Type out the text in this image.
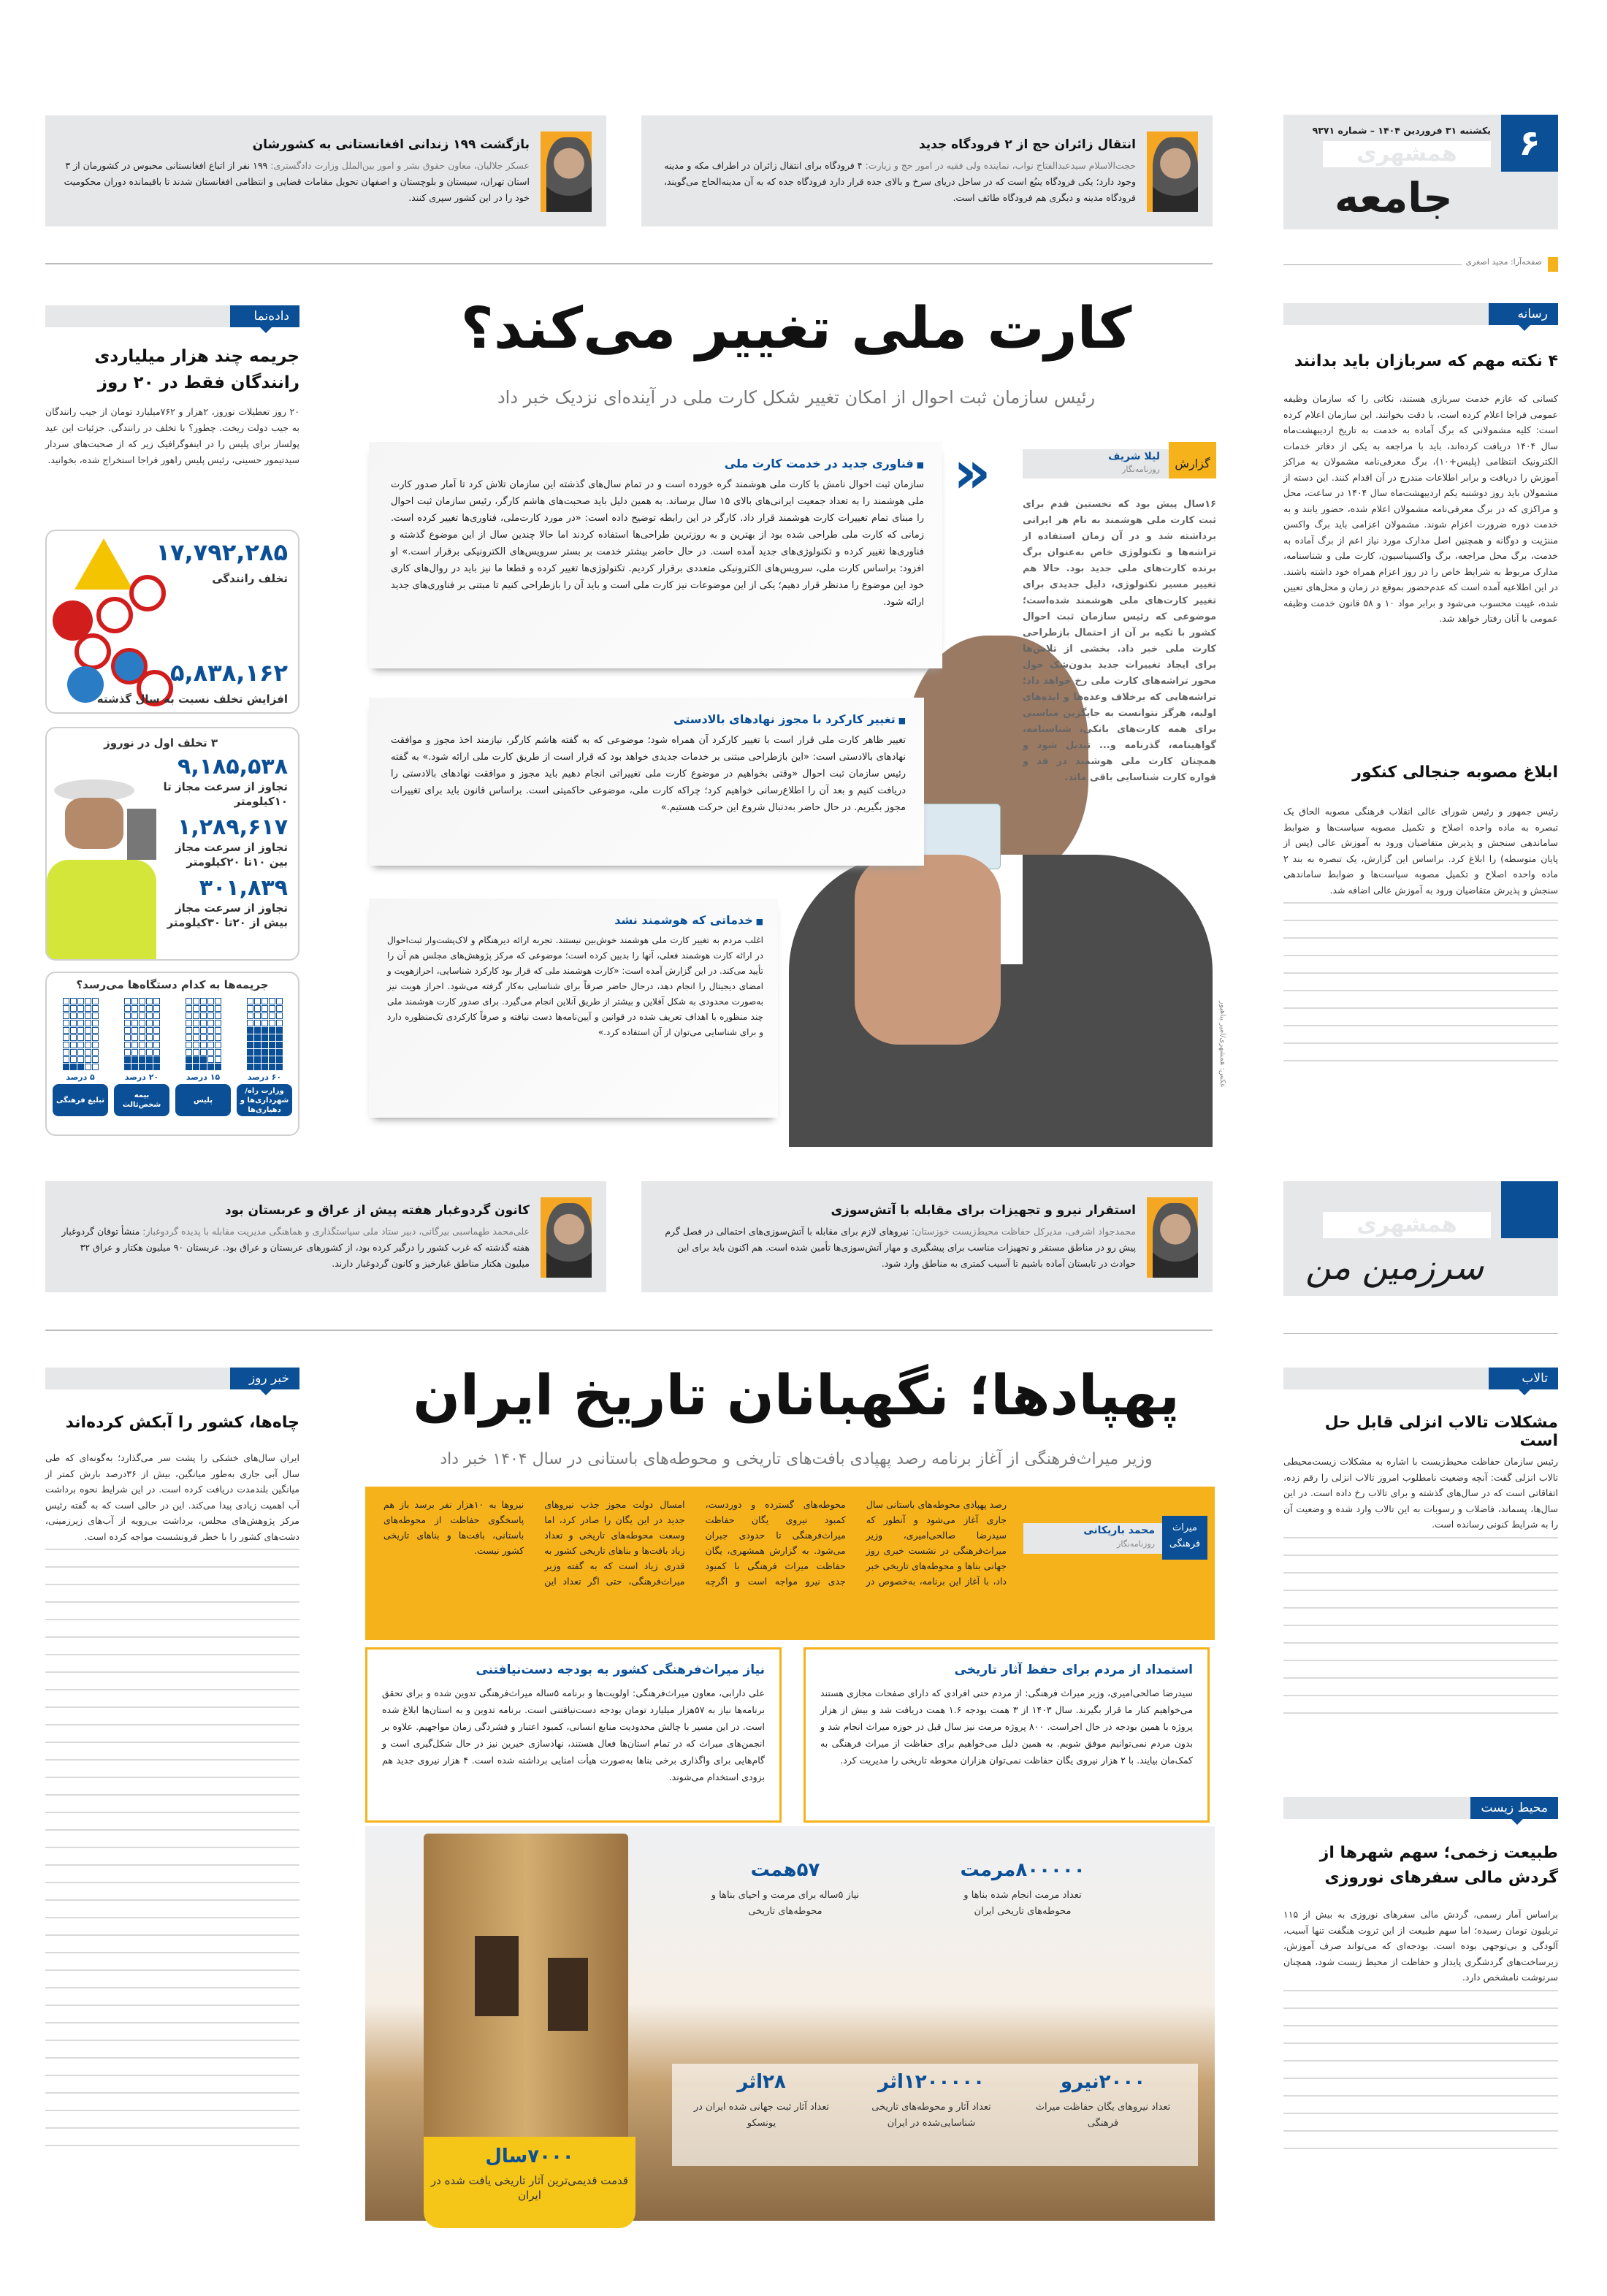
۶
یکشنبه ۳۱ فروردین ۱۴۰۴ – شماره ۹۳۷۱
همشهری
جامعه
صفحه‌آرا: مجید اصغری
انتقال زائران حج از ۲ فرودگاه جدید

حجت‌الاسلام سیدعبدالفتاح نواب، نماینده ولی فقیه در امور حج و زیارت: ۴ فرودگاه برای انتقال زائران در اطراف مکه و مدینه وجود دارد؛ یکی فرودگاه ینبُع است که در ساحل دریای سرخ و بالای جده قرار دارد فرودگاه جده که به آن مدینه‌الحاج می‌گویند، فرودگاه مدینه و دیگری هم فرودگاه طائف است.

بازگشت ۱۹۹ زندانی افغانستانی به کشورشان

عسکر جلالیان، معاون حقوق بشر و امور بین‌الملل وزارت دادگستری: ۱۹۹ نفر از اتباع افغانستانی محبوس در کشورمان از ۳ استان تهران، سیستان و بلوچستان و اصفهان تحویل مقامات قضایی و انتظامی افغانستان شدند تا باقیمانده دوران محکومیت خود را در این کشور سپری کنند.

رسانه
۴ نکته مهم که سربازان باید بدانند
کسانی که عازم خدمت سربازی هستند، نکاتی را که سازمان وظیفه عمومی فراجا اعلام کرده است، با دقت بخوانند. این سازمان اعلام کرده است: کلیه مشمولانی که برگ آماده به خدمت به تاریخ اردیبهشت‌ماه سال ۱۴۰۴ دریافت کرده‌اند، باید با مراجعه به یکی از دفاتر خدمات الکترونیک انتظامی (پلیس+۱۰)، برگ معرفی‌نامه مشمولان به مراکز آموزش را دریافت و برابر اطلاعات مندرج در آن اقدام کنند. این دسته از مشمولان باید روز دوشنبه یکم اردیبهشت‌ماه سال ۱۴۰۴ در ساعت، محل و مراکزی که در برگ معرفی‌نامه مشمولان اعلام شده، حضور یابند و به خدمت دوره ضرورت اعزام شوند. مشمولان اعزامی باید برگ واکسن مننژیت و دوگانه و همچنین اصل مدارک مورد نیاز اعم از برگ آماده به خدمت، برگ محل مراجعه، برگ واکسیناسیون، کارت ملی و شناسنامه، مدارک مربوط به شرایط خاص را در روز اعزام همراه خود داشته باشند. در این اطلاعیه آمده است که عدم‌حضور بموقع در زمان و محل‌های تعیین شده، غیبت محسوب می‌شود و برابر مواد ۱۰ و ۵۸ قانون خدمت وظیفه عمومی با آنان رفتار خواهد شد.
ابلاغ مصوبه جنجالی کنکور
رئیس جمهور و رئیس شورای عالی انقلاب فرهنگی مصوبه الحاق یک تبصره به ماده واحده اصلاح و تکمیل مصوبه سیاست‌ها و ضوابط ساماندهی سنجش و پذیرش متقاضیان ورود به آموزش عالی (پس از پایان متوسطه) را ابلاغ کرد. براساس این گزارش، یک تبصره به بند ۲ ماده واحده اصلاح و تکمیل مصوبه سیاست‌ها و ضوابط ساماندهی سنجش و پذیرش متقاضیان ورود به آموزش عالی اضافه شد.
دادەنما
جریمه چند هزار میلیاردی رانندگان فقط در ۲۰ روز
۲۰ روز تعطیلات نوروز، ۲هزار و ۷۶۲میلیارد تومان از جیب رانندگان به جیب دولت ریخت. چطور؟ با تخلف در رانندگی. جزئیات این عید پولساز برای پلیس را در اینفوگرافیک زیر که از صحبت‌های سردار سیدتیمور حسینی، رئیس پلیس راهور فراجا استخراج شده، بخوانید.
۱۷,۷۹۲,۲۸۵
تخلف رانندگی
۵,۸۳۸,۱۶۲
افزایش تخلف نسبت به سال گذشته
۳ تخلف اول در نوروز
۹,۱۸۵,۵۳۸
تجاوز از سرعت مجاز تا ۱۰کیلومتر
۱,۲۸۹,۶۱۷
تجاوز از سرعت مجاز بین ۱۰تا ۲۰کیلومتر
۳۰۱,۸۳۹
تجاوز از سرعت مجاز بیش از ۲۰تا ۳۰کیلومتر
جریمه‌ها به کدام دستگاه‌ها می‌رسد؟
۶۰ درصد
وزارت راه/ شهرداری‌ها و دهیاری‌ها
۱۵ درصد
پلیس
۲۰ درصد
بیمه شخص‌ثالث
۵ درصد
تبلیغ فرهنگی
کارت ملی تغییر می‌کند؟
رئیس سازمان ثبت احوال از امکان تغییر شکل کارت ملی در آینده‌ای نزدیک خبر داد
«
■ فناوری جدید در خدمت کارت ملی

سازمان ثبت احوال نامش با کارت ملی هوشمند گره خورده است و در تمام سال‌های گذشته این سازمان تلاش کرد تا آمار صدور کارت ملی هوشمند را به تعداد جمعیت ایرانی‌های بالای ۱۵ سال برساند. به همین دلیل باید صحبت‌های هاشم کارگر، رئیس سازمان ثبت احوال را مبنای تمام تغییرات کارت هوشمند قرار داد. کارگر در این رابطه توضیح داده است: «در مورد کارت‌ملی، فناوری‌ها تغییر کرده است. زمانی که کارت ملی طراحی شده بود از بهترین و به روزترین طراحی‌ها استفاده کردند اما حالا چندین سال از این موضوع گذشته و فناوری‌ها تغییر کرده و تکنولوژی‌های جدید آمده است. در حال حاضر بیشتر خدمت بر بستر سرویس‌های الکترونیکی برقرار است.» او افزود: براساس کارت ملی، سرویس‌های الکترونیکی متعددی برقرار کردیم. تکنولوژی‌ها تغییر کرده و قطعا ما نیز باید در روال‌های کاری خود این موضوع را مدنظر قرار دهیم؛ یکی از این موضوعات نیز کارت ملی است و باید آن را بازطراحی کنیم تا مبتنی بر فناوری‌های جدید ارائه شود.

■ تغییر کارکرد با مجوز نهادهای بالادستی

تغییر ظاهر کارت ملی قرار است با تغییر کارکرد آن همراه شود؛ موضوعی که به گفته هاشم کارگر، نیازمند اخذ مجوز و موافقت نهادهای بالادستی است: «این بازطراحی مبتنی بر خدمات جدیدی خواهد بود که قرار است از طریق کارت ملی ارائه شود.» به گفته رئیس سازمان ثبت احوال «وقتی بخواهیم در موضوع کارت ملی تغییراتی انجام دهیم باید مجوز و موافقت نهادهای بالادستی را دریافت کنیم و بعد آن را اطلاع‌رسانی خواهیم کرد؛ چراکه کارت ملی، موضوعی حاکمیتی است. براساس قانون باید برای تغییرات مجوز بگیریم. در حال حاضر به‌دنبال شروع این حرکت هستیم.»

■ خدماتی که هوشمند نشد

اغلب مردم به تغییر کارت ملی هوشمند خوش‌بین نیستند. تجربه ارائه دیرهنگام و لاک‌پشت‌وار ثبت‌احوال در ارائه کارت هوشمند فعلی، آنها را بدبین کرده است؛ موضوعی که مرکز پژوهش‌های مجلس هم آن را تأیید می‌کند. در این گزارش آمده است: «کارت هوشمند ملی که قرار بود کارکرد شناسایی، احرازهویت و امضای دیجیتال را انجام دهد، درحال حاضر صرفاً برای شناسایی به‌کار گرفته می‌شود. احراز هویت نیز به‌صورت محدودی به شکل آفلاین و بیشتر از طریق آنلاین انجام می‌گیرد. برای صدور کارت هوشمند ملی چند منظوره با اهداف تعریف شده در قوانین و آیین‌نامه‌ها دست نیافته و صرفاً کارکردی تک‌منظوره دارد و برای شناسایی می‌توان از آن استفاده کرد.»

گزارش
لیلا شریف
روزنامه‌نگار
۱۶سال پیش بود که نخستین قدم برای ثبت کارت ملی هوشمند به نام هر ایرانی برداشته شد و در آن زمان استفاده از تراشه‌ها و تکنولوژی خاص به‌عنوان برگ برنده کارت‌های ملی جدید بود. حالا هم تغییر مسیر تکنولوژی، دلیل جدیدی برای تغییر کارت‌های ملی هوشمند شده‌است؛ موضوعی که رئیس سازمان ثبت احوال کشور با تکیه بر آن از احتمال بازطراحی کارت ملی خبر داد. بخشی از تلاش‌ها برای ایجاد تغییرات جدید بدون‌شک حول محور تراشه‌های کارت ملی رخ خواهد داد؛ تراشه‌هایی که برخلاف وعده‌ها و ایده‌های اولیه، هرگز نتوانست به جایگزین مناسبی برای همه کارت‌های بانکی، شناسنامه، گواهینامه، گذرنامه و... تبدیل شود و همچنان کارت ملی هوشمند در قد و قواره کارت شناسایی باقی ماند.
عکس: همشهری/امیر پناهپور
استقرار نیرو و تجهیزات برای مقابله با آتش‌سوزی

محمدجواد اشرفی، مدیرکل حفاظت محیط‌زیست خوزستان: نیروهای لازم برای مقابله با آتش‌سوزی‌های احتمالی در فصل گرم پیش رو در مناطق مستقر و تجهیزات مناسب برای پیشگیری و مهار آتش‌سوزی‌ها تأمین شده است. هم اکنون باید برای این حوادث در تابستان آماده باشیم تا آسیب کمتری به مناطق وارد شود.

کانون گردوغبار هفته پیش از عراق و عربستان بود

علی‌محمد طهماسبی بیرگانی، دبیر ستاد ملی سیاستگذاری و هماهنگی مدیریت مقابله با پدیده گردوغبار: منشأ توفان گردوغبار هفته گذشته که غرب کشور را درگیر کرده بود، از کشورهای عربستان و عراق بود. عربستان ۹۰ میلیون هکتار و عراق ۳۲ میلیون هکتار مناطق غبارخیز و کانون گردوغبار دارند.

همشهری
سرزمین من
تالاب
مشکلات تالاب انزلی قابل حل است
رئیس سازمان حفاظت محیط‌زیست با اشاره به مشکلات زیست‌محیطی تالاب انزلی گفت: آنچه وضعیت نامطلوب امروز تالاب انزلی را رقم زده، اتفاقاتی است که در سال‌های گذشته و برای تالاب رخ داده است. در این سال‌ها، پسماند، فاضلاب و رسوبات به این تالاب وارد شده و وضعیت آن را به شرایط کنونی رسانده است.
محیط زیست
طبیعت زخمی؛ سهم شهرها از گردش مالی سفرهای نوروزی
براساس آمار رسمی، گردش مالی سفرهای نوروزی به بیش از ۱۱۵ تریلیون تومان رسیده؛ اما سهم طبیعت از این ثروت هنگفت تنها آسیب، آلودگی و بی‌توجهی بوده است. بودجه‌ای که می‌تواند صرف آموزش، زیرساخت‌های گردشگری پایدار و حفاظت از محیط زیست شود، همچنان سرنوشت نامشخص دارد.
خبر روز
چاه‌ها، کشور را آبکش کرده‌اند
ایران سال‌های خشکی را پشت سر می‌گذارد؛ به‌گونه‌ای که طی سال آبی جاری به‌طور میانگین، بیش از ۳۶درصد بارش کمتر از میانگین بلندمدت دریافت کرده است. در این شرایط نحوه برداشت آب اهمیت زیادی پیدا می‌کند. این در حالی است که به گفته رئیس مرکز پژوهش‌های مجلس، برداشت بی‌رویه از آب‌های زیرزمینی، دشت‌های کشور را با خطر فرونشست مواجه کرده است.
پهپادها؛ نگهبانان تاریخ ایران
وزیر میراث‌فرهنگی از آغاز برنامه رصد پهپادی بافت‌های تاریخی و محوطه‌های باستانی در سال ۱۴۰۴ خبر داد
میراث فرهنگی
محمد باریکانی
روزنامه‌نگار
رصد پهپادی محوطه‌های باستانی سال جاری آغاز می‌شود و آنطور که سیدرضا صالحی‌امیری، وزیر میراث‌فرهنگی در نشست خبری روز جهانی بناها و محوطه‌های تاریخی خبر داد، با آغاز این برنامه، به‌خصوص در محوطه‌های گسترده و دوردست، کمبود نیروی یگان حفاظت میراث‌فرهنگی تا حدودی جبران می‌شود. به گزارش همشهری، یگان حفاظت میراث فرهنگی با کمبود جدی نیرو مواجه است و اگرچه امسال دولت مجوز جذب نیروهای جدید در این یگان را صادر کرد، اما وسعت محوطه‌های تاریخی و تعداد زیاد بافت‌ها و بناهای تاریخی کشور به قدری زیاد است که به گفته وزیر میراث‌فرهنگی، حتی اگر تعداد این نیروها به ۱۰هزار نفر برسد باز هم پاسخگوی حفاظت از محوطه‌های باستانی، بافت‌ها و بناهای تاریخی کشور نیست.
استمداد از مردم برای حفظ آثار تاریخی

سیدرضا صالحی‌امیری، وزیر میراث فرهنگی: از مردم حتی افرادی که دارای صفحات مجازی هستند می‌خواهیم کنار ما قرار بگیرند. سال ۱۴۰۳ از ۳ همت بودجه ۱.۶ همت دریافت شد و بیش از هزار پروژه با همین بودجه در حال اجراست. ۸۰۰ پروژه مرمت نیز سال قبل در حوزه میراث انجام شد و بدون مردم نمی‌توانیم موفق شویم. به همین دلیل می‌خواهیم برای حفاظت از میراث فرهنگی به کمک‌مان بیایند. با ۲ هزار نیروی یگان حفاظت نمی‌توان هزاران محوطه تاریخی را مدیریت کرد.

نیاز میراث‌فرهنگی کشور به بودجه دست‌نیافتنی

علی دارابی، معاون میراث‌فرهنگی: اولویت‌ها و برنامه ۵ساله میراث‌فرهنگی تدوین شده و برای تحقق برنامه‌ها نیاز به ۵۷هزار میلیارد تومان بودجه دست‌نیافتنی است. برنامه تدوین و به استان‌ها ابلاغ شده است. در این مسیر با چالش محدودیت منابع انسانی، کمبود اعتبار و فشردگی زمان مواجهیم. علاوه بر انجمن‌های میراث که در تمام استان‌ها فعال هستند، نهادسازی خیرین نیز در حال شکل‌گیری است و گام‌هایی برای واگذاری برخی بناها به‌صورت هیأت امنایی برداشته شده است. ۴ هزار نیروی جدید هم بزودی استخدام می‌شوند.

۸۰۰۰۰۰مرمت
تعداد مرمت انجام شده بناها و محوطه‌های تاریخی ایران
۵۷همت
نیاز ۵ساله برای مرمت و احیای بناها و محوطه‌های تاریخی
۲۰۰۰نیرو
تعداد نیروهای یگان حفاظت میراث فرهنگی
۱۲۰۰۰۰۰اثر
تعداد آثار و محوطه‌های تاریخی شناسایی‌شده در ایران
۲۸اثر
تعداد آثار ثبت جهانی شده ایران در یونسکو
۷۰۰۰سال
قدمت قدیمی‌ترین آثار تاریخی یافت شده در ایران
